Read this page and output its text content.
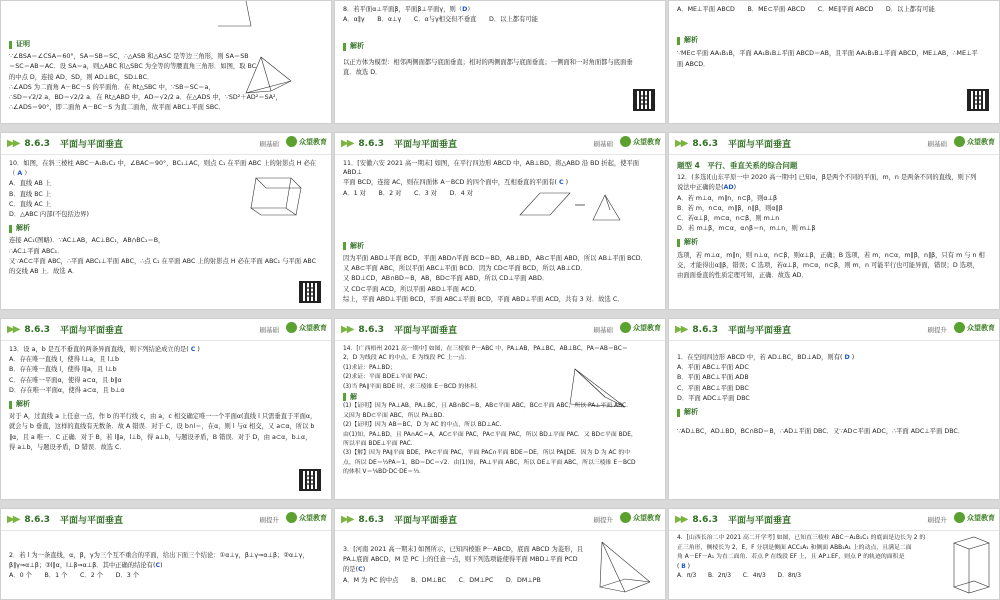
证明

∵∠BSA＝∠CSA＝60°，SA＝SB＝SC，∴△ASB 和△ASC 是等边三角形，则 SA＝SB

＝SC＝AB＝AC．设 SA＝a，则△ABC 和△SBC 为全等的等腰直角三角形．如图，取 BC

的中点 D，连接 AD、SD，则 AD⊥BC，SD⊥BC．

∴∠ADS 为二面角 A－BC－S 的平面角．在 Rt△SBC 中，∵SB＝SC＝a，

∴SD＝√2/2 a，BD＝√2/2 a．在 Rt△ABD 中，AD＝√2/2 a．在△ADS 中，∵SD²＋AD²＝SA²，

∴∠ADS＝90°，即二面角 A－BC－S 为直二面角，故平面 ABC⊥平面 SBC．

8．若平面α⊥平面β，平面β⊥平面γ，则（D）

A．α∥γ　　B．α⊥γ　　C．α与γ相交但不垂直　　D．以上都有可能

解析

以正方体为模型：相邻两侧面都与底面垂直；相对的两侧面都与底面垂直；一侧面和一对角面都与底面垂

直．故选 D．

A．ME⊥平面 ABCD　　B．ME⊂平面 ABCD　　C．ME∥平面 ABCD　　D．以上都有可能

解析

∵ME⊂平面 AA₁B₁B，平面 AA₁B₁B⊥平面 ABCD＝AB，且平面 AA₁B₁B⊥平面 ABCD，ME⊥AB，∴ME⊥平

面 ABCD．

▶▶ 8.6.3 平面与平面垂直	刷基础	众望教育

10．如图，在斜三棱柱 ABC－A₁B₁C₁ 中，∠BAC＝90°，BC₁⊥AC，则点 C₁ 在平面 ABC 上的射影点 H 必在

（ A ）

A．直线 AB 上

B．直线 BC 上

C．直线 AC 上

D．△ABC 内部(不包括边界)

解析

连接 AC₁(图略)．∵AC⊥AB，AC⊥BC₁，AB∩BC₁＝B，

∴AC⊥平面 ABC₁．

又∵AC⊂平面 ABC，∴平面 ABC₁⊥平面 ABC，∴点 C₁ 在平面 ABC 上的射影点 H 必在平面 ABC₁ 与平面 ABC

的交线 AB 上．故选 A．

▶▶ 8.6.3 平面与平面垂直	刷基础	众望教育

11．[安徽六安 2021 高一期末] 如图，在平行四边形 ABCD 中，AB⊥BD，将△ABD 沿 BD 折起，使平面 ABD⊥

平面 BCD，连接 AC，则在四面体 A－BCD 的四个面中，互相垂直的平面有( C )

A．1 对　　B．2 对　　C．3 对　　D．4 对

解析

因为平面 ABD⊥平面 BCD，平面 ABD∩平面 BCD＝BD，AB⊥BD，AB⊂平面 ABD，所以 AB⊥平面 BCD．

又 AB⊂平面 ABC，所以平面 ABC⊥平面 BCD．因为 CD⊂平面 BCD，所以 AB⊥CD．

又 BD⊥CD，AB∩BD＝B，AB，BD⊂平面 ABD，所以 CD⊥平面 ABD．

又 CD⊂平面 ACD，所以平面 ABD⊥平面 ACD．

综上，平面 ABD⊥平面 BCD，平面 ABC⊥平面 BCD，平面 ABD⊥平面 ACD，共有 3 对．故选 C．

▶▶ 8.6.3 平面与平面垂直	刷基础	众望教育
题型 4　平行、垂直关系的综合问题

12．(多选)[山东平原一中 2020 高一期中] 已知α，β是两个不同的平面，m，n 是两条不同的直线，则下列

说法中正确的是(AD)

A．若 m⊥α，m∥n，n⊂β，则α⊥β

B．若 m，n⊂α，m∥β，n∥β，则α∥β

C．若α⊥β，m⊂α，n⊂β，则 m⊥n

D．若 m⊥β，m⊂α，α∩β＝n，m⊥n，则 m⊥β

解析

选项，若 m⊥α，m∥n，则 n⊥α，n⊂β，则α⊥β，正确；B 选项，若 m，n⊂α，m∥β，n∥β，只有 m 与 n 相

交，才能得出α∥β，错误；C 选项，若α⊥β，m⊂α，n⊂β，则 m，n 可能平行也可能异面，错误；D 选项，

由面面垂直的性质定理可知，正确．故选 AD．

▶▶ 8.6.3 平面与平面垂直	刷基础	众望教育

13．设 a，b 是互不垂直的两条异面直线，则下列结论成立的是( C )

A．存在唯一直线 l，使得 l⊥a，且 l⊥b

B．存在唯一直线 l，使得 l∥a，且 l⊥b

C．存在唯一平面α，使得 a⊂α，且 b∥α

D．存在唯一平面α，使得 a⊂α，且 b⊥α

解析

对于 A，过直线 a 上任意一点，作 b 的平行线 c，由 a，c 相交确定唯一一个平面α(直线 l 只需垂直于平面α，

就会与 b 垂直，这样的直线有无数条．故 A 错误．对于 C，设 b∩l＝，在α，则 l 与α 相交，又 a⊂α，所以 b

∥α，且 a 唯一．C 正确．对于 B，若 l∥a，l⊥b，得 a⊥b，与题设矛盾，B 错误．对于 D，由 a⊂α，b⊥α，

得 a⊥b，与题设矛盾，D 错误．故选 C．

▶▶ 8.6.3 平面与平面垂直	刷基础	众望教育

14．[广西梧州 2021 高一期中] 如图，在三棱锥 P－ABC 中，PA⊥AB，PA⊥BC，AB⊥BC，PA＝AB＝BC＝

2，D 为线段 AC 的中点，E 为线段 PC 上一点．

(1)求证：PA⊥BD；

(2)求证：平面 BDE⊥平面 PAC；

(3)当 PA∥平面 BDE 时，求三棱锥 E－BCD 的体积．

解

(1)【证明】因为 PA⊥AB，PA⊥BC，且 AB∩BC＝B，AB⊂平面 ABC，BC⊂平面 ABC，所以 PA⊥平面 ABC．

又因为 BD⊂平面 ABC，所以 PA⊥BD．

(2)【证明】因为 AB＝BC，D 为 AC 的中点，所以 BD⊥AC．

由(1)知，PA⊥BD，且 PA∩AC＝A，AC⊂平面 PAC，PA⊂平面 PAC，所以 BD⊥平面 PAC．又 BD⊂平面 BDE，

所以平面 BDE⊥平面 PAC．

(3)【解】因为 PA∥平面 BDE，PA⊂平面 PAC，平面 PAC∩平面 BDE＝DE，所以 PA∥DE．因为 D 为 AC 的中

点，所以 DE＝½PA＝1，BD＝DC＝√2．由(1)知，PA⊥平面 ABC，所以 DE⊥平面 ABC，所以三棱锥 E－BCD

的体积 V＝⅙BD·DC·DE＝⅓．

▶▶ 8.6.3 平面与平面垂直	刷提升	众望教育

1．在空间四边形 ABCD 中，若 AD⊥BC，BD⊥AD，则有( D )

A．平面 ABC⊥平面 ADC

B．平面 ABC⊥平面 ADB

C．平面 ABC⊥平面 DBC

D．平面 ADC⊥平面 DBC

解析

∵AD⊥BC，AD⊥BD，BC∩BD＝B，∴AD⊥平面 DBC．又∵AD⊂平面 ADC，∴平面 ADC⊥平面 DBC．

▶▶ 8.6.3 平面与平面垂直	刷提升	众望教育

2．若 l 为一条直线，α，β，γ为三个互不重合的平面，给出下面三个结论：①α⊥γ，β⊥γ⇒α⊥β；②α⊥γ，

β∥γ⇒α⊥β；③l∥α，l⊥β⇒α⊥β．其中正确的结论有(C)

A．0 个　　B．1 个　　C．2 个　　D．3 个

▶▶ 8.6.3 平面与平面垂直	刷提升	众望教育

3．[河南 2021 高一期末] 如图所示，已知四棱锥 P－ABCD，底面 ABCD 为菱形，且

PA⊥底面 ABCD，M 是 PC 上的任意一点，则下列选项能使得平面 MBD⊥平面 PCD

的是(C)

A．M 为 PC 的中点　　B．DM⊥BC　　C．DM⊥PC　　D．DM⊥PB

▶▶ 8.6.3 平面与平面垂直	刷提升	众望教育

4．[山西长治二中 2021 高二开学考] 如图，已知直三棱柱 ABC－A₁B₁C₁ 的底面是边长为 2 的

正三角形，侧棱长为 2，E，F 分别是侧面 ACC₁A₁ 和侧面 ABB₁A₁ 上的动点，且满足二面

角 A－EF－A₁ 为直二面角．若点 P 在线段 EF 上，且 AP⊥EF，则点 P 的轨迹的面积是

( B )

A．π/3　　B．2π/3　　C．4π/3　　D．8π/3
